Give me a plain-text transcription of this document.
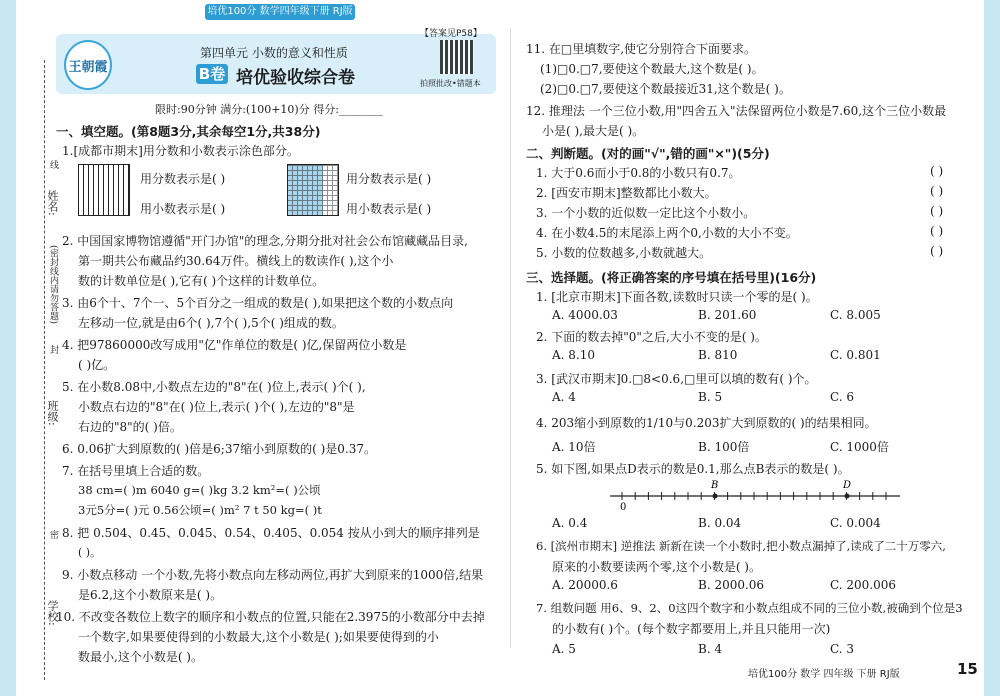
姓名:
线
(密封线内请勿答题)
封
班级:
密
学校:
培优100分 数学四年级下册 RJ版
王朝霞
第四单元 小数的意义和性质
B卷 培优验收综合卷
【答案见P58】
拍照批改•错题本
限时:90分钟 满分:(100+10)分 得分:________
一、填空题。(第8题3分,其余每空1分,共38分)
1.[成都市期末]用分数和小数表示涂色部分。
用分数表示是( )
用小数表示是( )
用分数表示是( )
用小数表示是( )
2. 中国国家博物馆遵循"开门办馆"的理念,分期分批对社会公布馆藏藏品目录,
第一期共公布藏品约30.64万件。横线上的数读作( ),这个小
数的计数单位是( ),它有( )个这样的计数单位。
3. 由6个十、7个一、5个百分之一组成的数是( ),如果把这个数的小数点向
左移动一位,就是由6个( ),7个( ),5个( )组成的数。
4. 把97860000改写成用"亿"作单位的数是( )亿,保留两位小数是
( )亿。
5. 在小数8.08中,小数点左边的"8"在( )位上,表示( )个( ),
小数点右边的"8"在( )位上,表示( )个( ),左边的"8"是
右边的"8"的( )倍。
6. 0.06扩大到原数的( )倍是6;37缩小到原数的( )是0.37。
7. 在括号里填上合适的数。
38 cm=( )m 6040 g=( )kg 3.2 km²=( )公顷
3元5分=( )元 0.56公顷=( )m² 7 t 50 kg=( )t
8. 把 0.504、0.45、0.045、0.54、0.405、0.054 按从小到大的顺序排列是
( )。
9. 小数点移动 一个小数,先将小数点向左移动两位,再扩大到原来的1000倍,结果
是6.2,这个小数原来是( )。
10. 不改变各数位上数字的顺序和小数点的位置,只能在2.3975的小数部分中去掉
一个数字,如果要使得到的小数最大,这个小数是( );如果要使得到的小
数最小,这个小数是( )。
11. 在□里填数字,使它分别符合下面要求。
(1)□0.□7,要使这个数最大,这个数是( )。
(2)□0.□7,要使这个数最接近31,这个数是( )。
12. 推理法 一个三位小数,用"四舍五入"法保留两位小数是7.60,这个三位小数最
小是( ),最大是( )。
二、判断题。(对的画"√",错的画"×")(5分)
1. 大于0.6而小于0.8的小数只有0.7。	( )
2. [西安市期末]整数都比小数大。	( )
3. 一个小数的近似数一定比这个小数小。	( )
4. 在小数4.5的末尾添上两个0,小数的大小不变。	( )
5. 小数的位数越多,小数就越大。	( )
三、选择题。(将正确答案的序号填在括号里)(16分)
1. [北京市期末]下面各数,读数时只读一个零的是( )。
A. 4000.03	B. 201.60	C. 8.005
2. 下面的数去掉"0"之后,大小不变的是( )。
A. 8.10	B. 810	C. 0.801
3. [武汉市期末]0.□8<0.6,□里可以填的数有( )个。
A. 4	B. 5	C. 6
4. 203缩小到原数的1/10与0.203扩大到原数的( )的结果相同。
A. 10倍	B. 100倍	C. 1000倍
5. 如下图,如果点D表示的数是0.1,那么点B表示的数是( )。
0
B	D
A. 0.4	B. 0.04	C. 0.004
6. [滨州市期末] 逆推法 新新在读一个小数时,把小数点漏掉了,读成了二十万零六,
原来的小数要读两个零,这个小数是( )。
A. 20000.6	B. 2000.06	C. 200.006
7. 组数问题 用6、9、2、0这四个数字和小数点组成不同的三位小数,被确到个位是3
的小数有( )个。(每个数字都要用上,并且只能用一次)
A. 5	B. 4	C. 3
培优100分 数学 四年级 下册 RJ版	15
